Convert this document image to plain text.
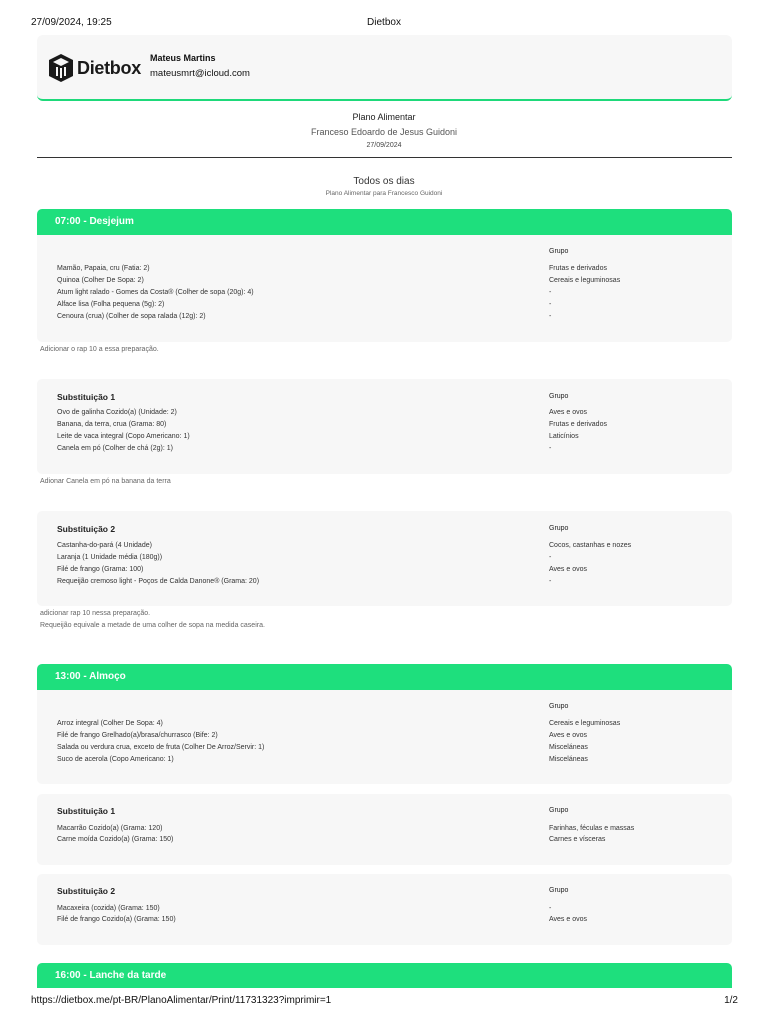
27/09/2024, 19:25	Dietbox
Dietbox Mateus Martins
mateusmrt@icloud.com
Plano Alimentar
Franceso Edoardo de Jesus Guidoni
27/09/2024
Todos os dias
Plano Alimentar para Francesco Guidoni
07:00 - Desjejum
Grupo
Mamão, Papaia, cru (Fatia: 2)	Frutas e derivados
Quinoa (Colher De Sopa: 2)	Cereais e leguminosas
Atum light ralado - Gomes da Costa® (Colher de sopa (20g): 4)	-
Alface lisa (Folha pequena (5g): 2)	-
Cenoura (crua) (Colher de sopa ralada (12g): 2)	-
Adicionar o rap 10 a essa preparação.
Substituição 1	Grupo
Ovo de galinha Cozido(a) (Unidade: 2)	Aves e ovos
Banana, da terra, crua (Grama: 80)	Frutas e derivados
Leite de vaca integral (Copo Americano: 1)	Laticínios
Canela em pó (Colher de chá (2g): 1)	-
Adionar Canela em pó na banana da terra
Substituição 2	Grupo
Castanha-do-pará (4 Unidade)	Cocos, castanhas e nozes
Laranja (1 Unidade média (180g))	-
Filé de frango (Grama: 100)	Aves e ovos
Requeijão cremoso light - Poços de Calda Danone® (Grama: 20)	-
adicionar rap 10 nessa preparação.
Requeijão equivale a metade de uma colher de sopa na medida caseira.
13:00 - Almoço
Grupo
Arroz integral (Colher De Sopa: 4)	Cereais e leguminosas
Filé de frango Grelhado(a)/brasa/churrasco (Bife: 2)	Aves e ovos
Salada ou verdura crua, exceto de fruta (Colher De Arroz/Servir: 1)	Misceláneas
Suco de acerola (Copo Americano: 1)	Misceláneas
Substituição 1	Grupo
Macarrão Cozido(a) (Grama: 120)	Farinhas, féculas e massas
Carne moída Cozido(a) (Grama: 150)	Carnes e vísceras
Substituição 2	Grupo
Macaxeira (cozida) (Grama: 150)	-
Filé de frango Cozido(a) (Grama: 150)	Aves e ovos
16:00 - Lanche da tarde
https://dietbox.me/pt-BR/PlanoAlimentar/Print/11731323?imprimir=1	1/2
